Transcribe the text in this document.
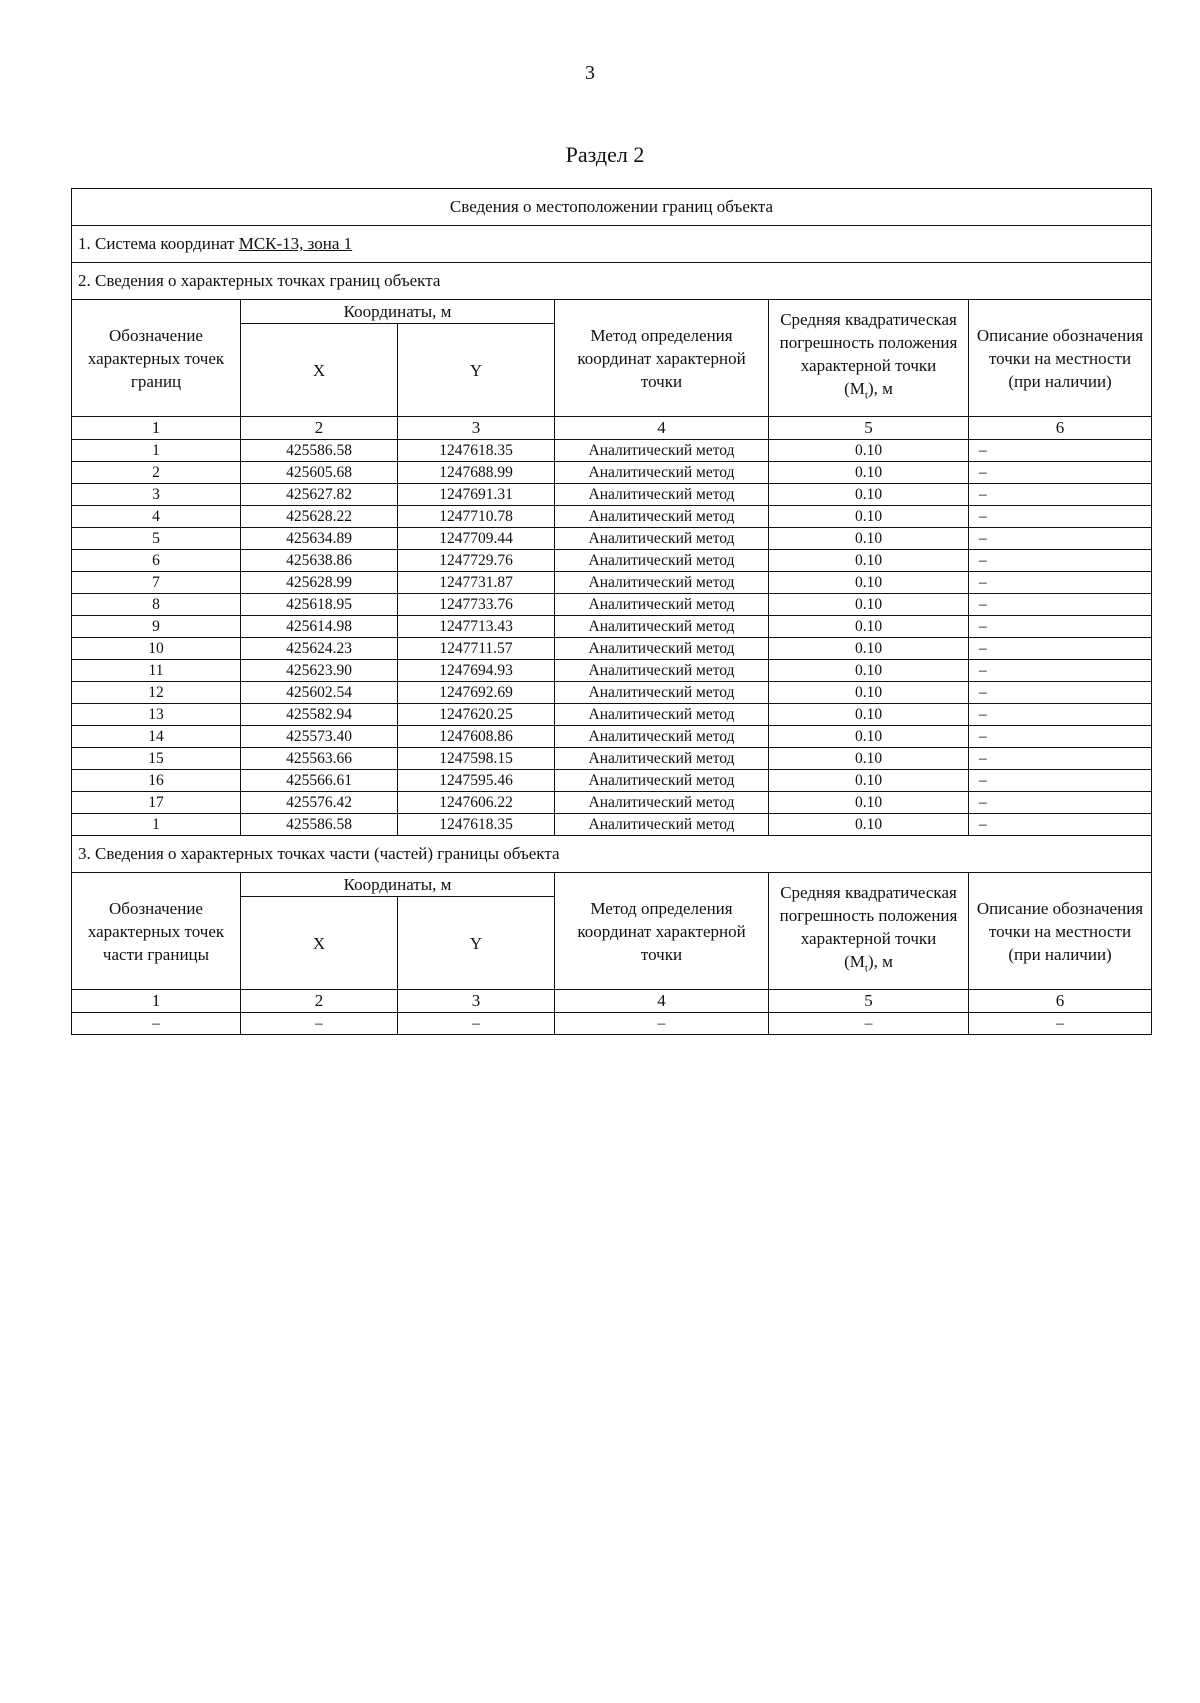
3
Раздел 2
Сведения о местоположении границ объекта					
1. Система координат МСК-13, зона 1					
2. Сведения о характерных точках границ объекта					
Обозначение характерных точек границ	Координаты, м		Метод определения координат характерной точки	Средняя квадратическая погрешность положения характерной точки
$(M_t)$, м	Описание обозначения точки на местности (при наличии)
	X	Y			
1	2	3	4	5	6
1	425586.58	1247618.35	Аналитический метод	0.10	–
2	425605.68	1247688.99	Аналитический метод	0.10	–
3	425627.82	1247691.31	Аналитический метод	0.10	–
4	425628.22	1247710.78	Аналитический метод	0.10	–
5	425634.89	1247709.44	Аналитический метод	0.10	–
6	425638.86	1247729.76	Аналитический метод	0.10	–
7	425628.99	1247731.87	Аналитический метод	0.10	–
8	425618.95	1247733.76	Аналитический метод	0.10	–
9	425614.98	1247713.43	Аналитический метод	0.10	–
10	425624.23	1247711.57	Аналитический метод	0.10	–
11	425623.90	1247694.93	Аналитический метод	0.10	–
12	425602.54	1247692.69	Аналитический метод	0.10	–
13	425582.94	1247620.25	Аналитический метод	0.10	–
14	425573.40	1247608.86	Аналитический метод	0.10	–
15	425563.66	1247598.15	Аналитический метод	0.10	–
16	425566.61	1247595.46	Аналитический метод	0.10	–
17	425576.42	1247606.22	Аналитический метод	0.10	–
1	425586.58	1247618.35	Аналитический метод	0.10	–
3. Сведения о характерных точках части (частей) границы объекта					
Обозначение характерных точек части границы	Координаты, м		Метод определения координат характерной точки	Средняя квадратическая погрешность положения характерной точки
$(M_t)$, м	Описание обозначения точки на местности (при наличии)
	X	Y			
1	2	3	4	5	6
–	–	–	–	–	–
